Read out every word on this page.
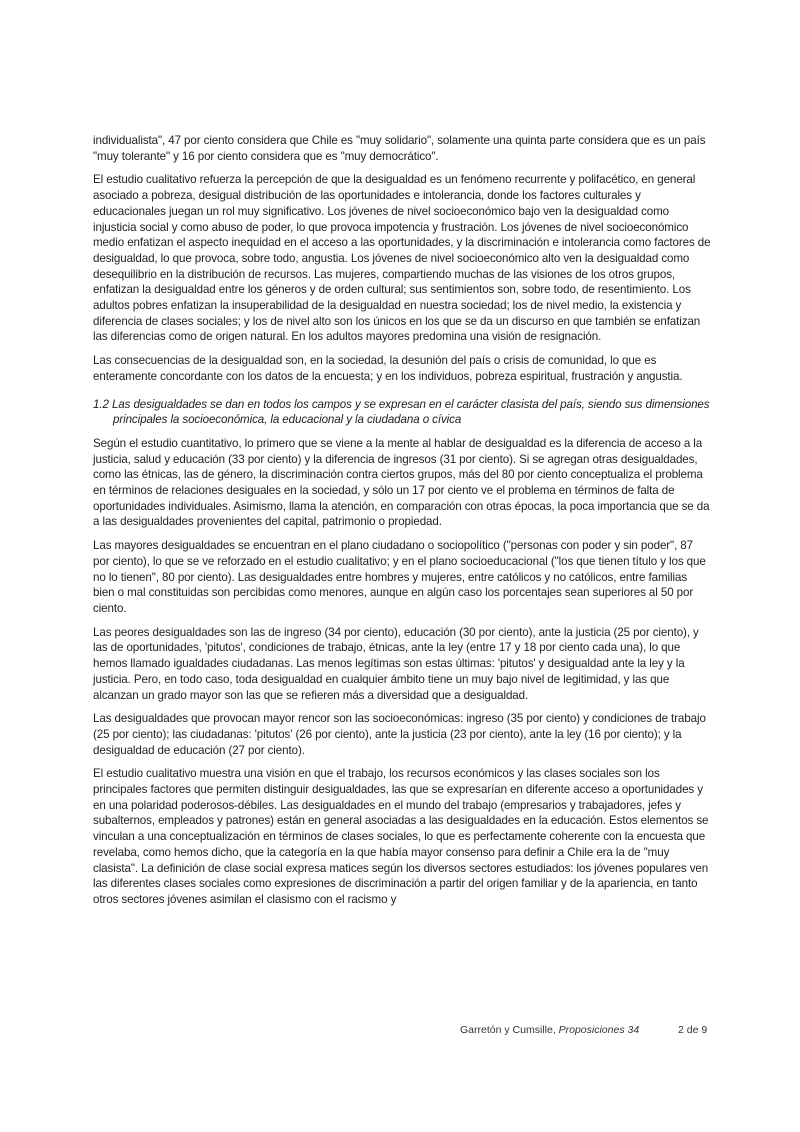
individualista", 47 por ciento considera que Chile es "muy solidario", solamente una quinta parte considera que es un país "muy tolerante" y 16 por ciento considera que es "muy democrático".

El estudio cualitativo refuerza la percepción de que la desigualdad es un fenómeno recurrente y polifacético, en general asociado a pobreza, desigual distribución de las oportunidades e intolerancia, donde los factores culturales y educacionales juegan un rol muy significativo. Los jóvenes de nivel socioeconómico bajo ven la desigualdad como injusticia social y como abuso de poder, lo que provoca impotencia y frustración. Los jóvenes de nivel socioeconómico medio enfatizan el aspecto inequidad en el acceso a las oportunidades, y la discriminación e intolerancia como factores de desigualdad, lo que provoca, sobre todo, angustia. Los jóvenes de nivel socioeconómico alto ven la desigualdad como desequilibrio en la distribución de recursos. Las mujeres, compartiendo muchas de las visiones de los otros grupos, enfatizan la desigualdad entre los géneros y de orden cultural; sus sentimientos son, sobre todo, de resentimiento. Los adultos pobres enfatizan la insuperabilidad de la desigualdad en nuestra sociedad; los de nivel medio, la existencia y diferencia de clases sociales; y los de nivel alto son los únicos en los que se da un discurso en que también se enfatizan las diferencias como de origen natural. En los adultos mayores predomina una visión de resignación.

Las consecuencias de la desigualdad son, en la sociedad, la desunión del país o crisis de comunidad, lo que es enteramente concordante con los datos de la encuesta; y en los individuos, pobreza espiritual, frustración y angustia.

1.2 Las desigualdades se dan en todos los campos y se expresan en el carácter clasista del país, siendo sus dimensiones principales la socioeconómica, la educacional y la ciudadana o cívica

Según el estudio cuantitativo, lo primero que se viene a la mente al hablar de desigualdad es la diferencia de acceso a la justicia, salud y educación (33 por ciento) y la diferencia de ingresos (31 por ciento). Si se agregan otras desigualdades, como las étnicas, las de género, la discriminación contra ciertos grupos, más del 80 por ciento conceptualiza el problema en términos de relaciones desiguales en la sociedad, y sólo un 17 por ciento ve el problema en términos de falta de oportunidades individuales. Asimismo, llama la atención, en comparación con otras épocas, la poca importancia que se da a las desigualdades provenientes del capital, patrimonio o propiedad.

Las mayores desigualdades se encuentran en el plano ciudadano o sociopolítico ("personas con poder y sin poder", 87 por ciento), lo que se ve reforzado en el estudio cualitativo; y en el plano socioeducacional ("los que tienen título y los que no lo tienen", 80 por ciento). Las desigualdades entre hombres y mujeres, entre católicos y no católicos, entre familias bien o mal constituidas son percibidas como menores, aunque en algún caso los porcentajes sean superiores al 50 por ciento.

Las peores desigualdades son las de ingreso (34 por ciento), educación (30 por ciento), ante la justicia (25 por ciento), y las de oportunidades, 'pitutos', condiciones de trabajo, étnicas, ante la ley (entre 17 y 18 por ciento cada una), lo que hemos llamado igualdades ciudadanas. Las menos legítimas son estas últimas: 'pitutos' y desigualdad ante la ley y la justicia. Pero, en todo caso, toda desigualdad en cualquier ámbito tiene un muy bajo nivel de legitimidad, y las que alcanzan un grado mayor son las que se refieren más a diversidad que a desigualdad.

Las desigualdades que provocan mayor rencor son las socioeconómicas: ingreso (35 por ciento) y condiciones de trabajo (25 por ciento); las ciudadanas: 'pitutos' (26 por ciento), ante la justicia (23 por ciento), ante la ley (16 por ciento); y la desigualdad de educación (27 por ciento).

El estudio cualitativo muestra una visión en que el trabajo, los recursos económicos y las clases sociales son los principales factores que permiten distinguir desigualdades, las que se expresarían en diferente acceso a oportunidades y en una polaridad poderosos-débiles. Las desigualdades en el mundo del trabajo (empresarios y trabajadores, jefes y subalternos, empleados y patrones) están en general asociadas a las desigualdades en la educación. Estos elementos se vinculan a una conceptualización en términos de clases sociales, lo que es perfectamente coherente con la encuesta que revelaba, como hemos dicho, que la categoría en la que había mayor consenso para definir a Chile era la de "muy clasista". La definición de clase social expresa matices según los diversos sectores estudiados: los jóvenes populares ven las diferentes clases sociales como expresiones de discriminación a partir del origen familiar y de la apariencia, en tanto otros sectores jóvenes asimilan el clasismo con el racismo y

Garretón y Cumsille, Proposiciones 34	2 de 9
